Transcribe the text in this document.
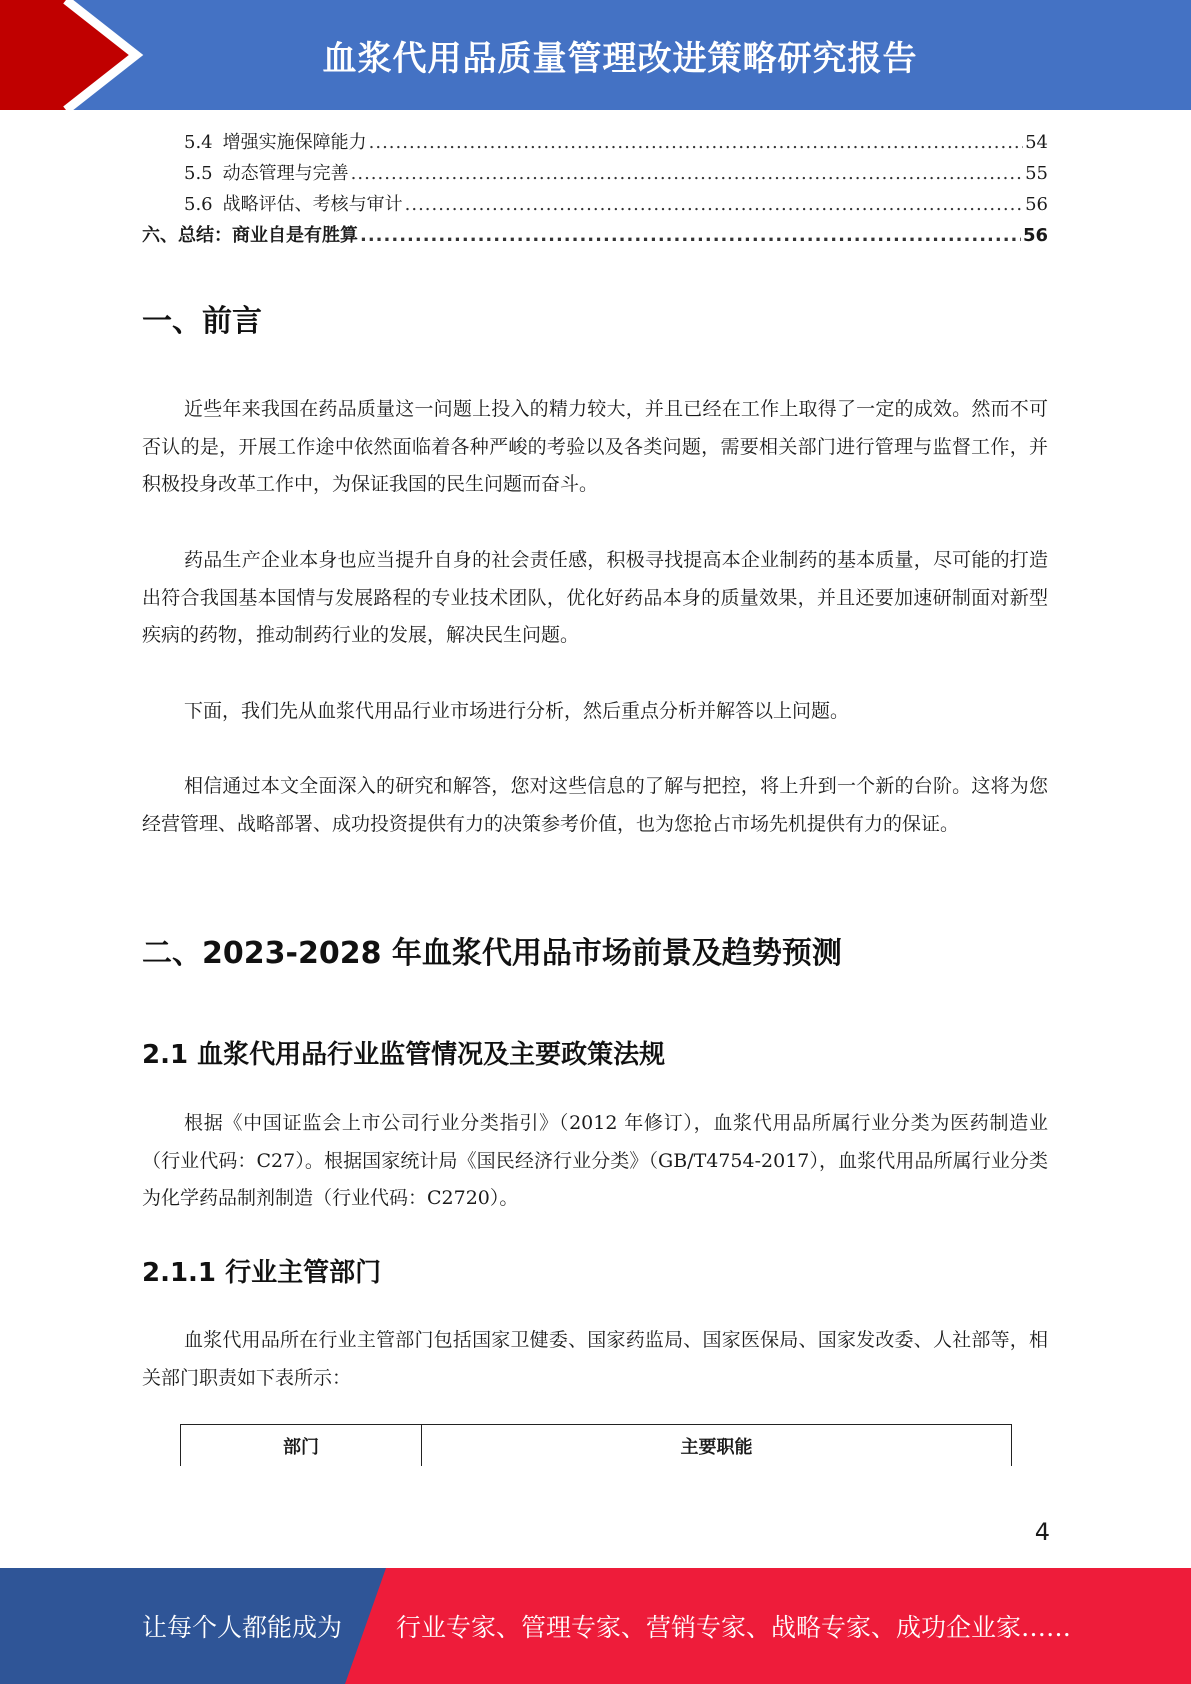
血浆代用品质量管理改进策略研究报告
5.4 增强实施保障能力 .....	54
5.5 动态管理与完善 .....	55
5.6 战略评估、考核与审计 .....	56
六、总结：商业自是有胜算 .....	56
一、前言

近些年来我国在药品质量这一问题上投入的精力较大，并且已经在工作上取得了一定的成效。然而不可否认的是，开展工作途中依然面临着各种严峻的考验以及各类问题，需要相关部门进行管理与监督工作，并积极投身改革工作中，为保证我国的民生问题而奋斗。

药品生产企业本身也应当提升自身的社会责任感，积极寻找提高本企业制药的基本质量，尽可能的打造出符合我国基本国情与发展路程的专业技术团队，优化好药品本身的质量效果，并且还要加速研制面对新型疾病的药物，推动制药行业的发展，解决民生问题。

下面，我们先从血浆代用品行业市场进行分析，然后重点分析并解答以上问题。

相信通过本文全面深入的研究和解答，您对这些信息的了解与把控，将上升到一个新的台阶。这将为您经营管理、战略部署、成功投资提供有力的决策参考价值，也为您抢占市场先机提供有力的保证。

二、2023-2028 年血浆代用品市场前景及趋势预测
2.1 血浆代用品行业监管情况及主要政策法规

根据《中国证监会上市公司行业分类指引》（2012 年修订），血浆代用品所属行业分类为医药制造业（行业代码：C27）。根据国家统计局《国民经济行业分类》（GB/T4754-2017），血浆代用品所属行业分类为化学药品制剂制造（行业代码：C2720）。

2.1.1 行业主管部门

血浆代用品所在行业主管部门包括国家卫健委、国家药监局、国家医保局、国家发改委、人社部等，相关部门职责如下表所示：

部门	主要职能
4
让每个人都能成为 行业专家、管理专家、营销专家、战略专家、成功企业家……
